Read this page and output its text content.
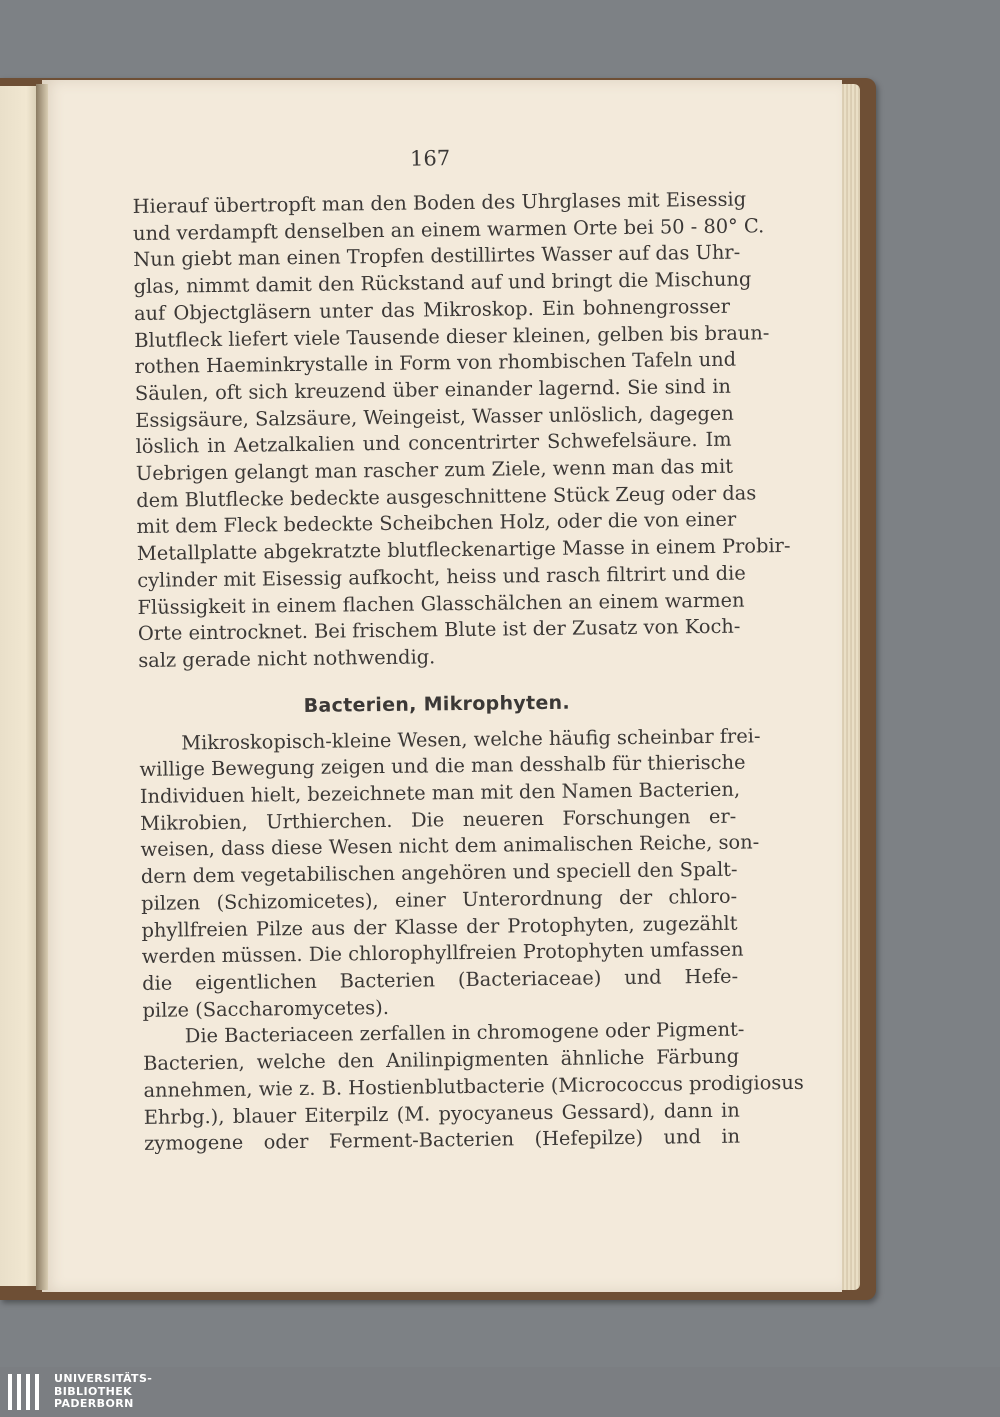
167
Hierauf übertropft man den Boden des Uhrglases mit Eisessig
und verdampft denselben an einem warmen Orte bei 50 - 80° C.
Nun giebt man einen Tropfen destillirtes Wasser auf das Uhr-
glas, nimmt damit den Rückstand auf und bringt die Mischung
auf Objectgläsern unter das Mikroskop. Ein bohnengrosser
Blutfleck liefert viele Tausende dieser kleinen, gelben bis braun-
rothen Haeminkrystalle in Form von rhombischen Tafeln und
Säulen, oft sich kreuzend über einander lagernd. Sie sind in
Essigsäure, Salzsäure, Weingeist, Wasser unlöslich, dagegen
löslich in Aetzalkalien und concentrirter Schwefelsäure. Im
Uebrigen gelangt man rascher zum Ziele, wenn man das mit
dem Blutflecke bedeckte ausgeschnittene Stück Zeug oder das
mit dem Fleck bedeckte Scheibchen Holz, oder die von einer
Metallplatte abgekratzte blutfleckenartige Masse in einem Probir-
cylinder mit Eisessig aufkocht, heiss und rasch filtrirt und die
Flüssigkeit in einem flachen Glasschälchen an einem warmen
Orte eintrocknet. Bei frischem Blute ist der Zusatz von Koch-
salz gerade nicht nothwendig.
Bacterien, Mikrophyten.
Mikroskopisch-kleine Wesen, welche häufig scheinbar frei-
willige Bewegung zeigen und die man desshalb für thierische
Individuen hielt, bezeichnete man mit den Namen Bacterien,
Mikrobien, Urthierchen. Die neueren Forschungen er-
weisen, dass diese Wesen nicht dem animalischen Reiche, son-
dern dem vegetabilischen angehören und speciell den Spalt-
pilzen (Schizomicetes), einer Unterordnung der chloro-
phyllfreien Pilze aus der Klasse der Protophyten, zugezählt
werden müssen. Die chlorophyllfreien Protophyten umfassen
die eigentlichen Bacterien (Bacteriaceae) und Hefe-
pilze (Saccharomycetes).
Die Bacteriaceen zerfallen in chromogene oder Pigment-
Bacterien, welche den Anilinpigmenten ähnliche Färbung
annehmen, wie z. B. Hostienblutbacterie (Micrococcus prodigiosus
Ehrbg.), blauer Eiterpilz (M. pyocyaneus Gessard), dann in
zymogene oder Ferment-Bacterien (Hefepilze) und in
UNIVERSITÄTS-
BIBLIOTHEK
PADERBORN
